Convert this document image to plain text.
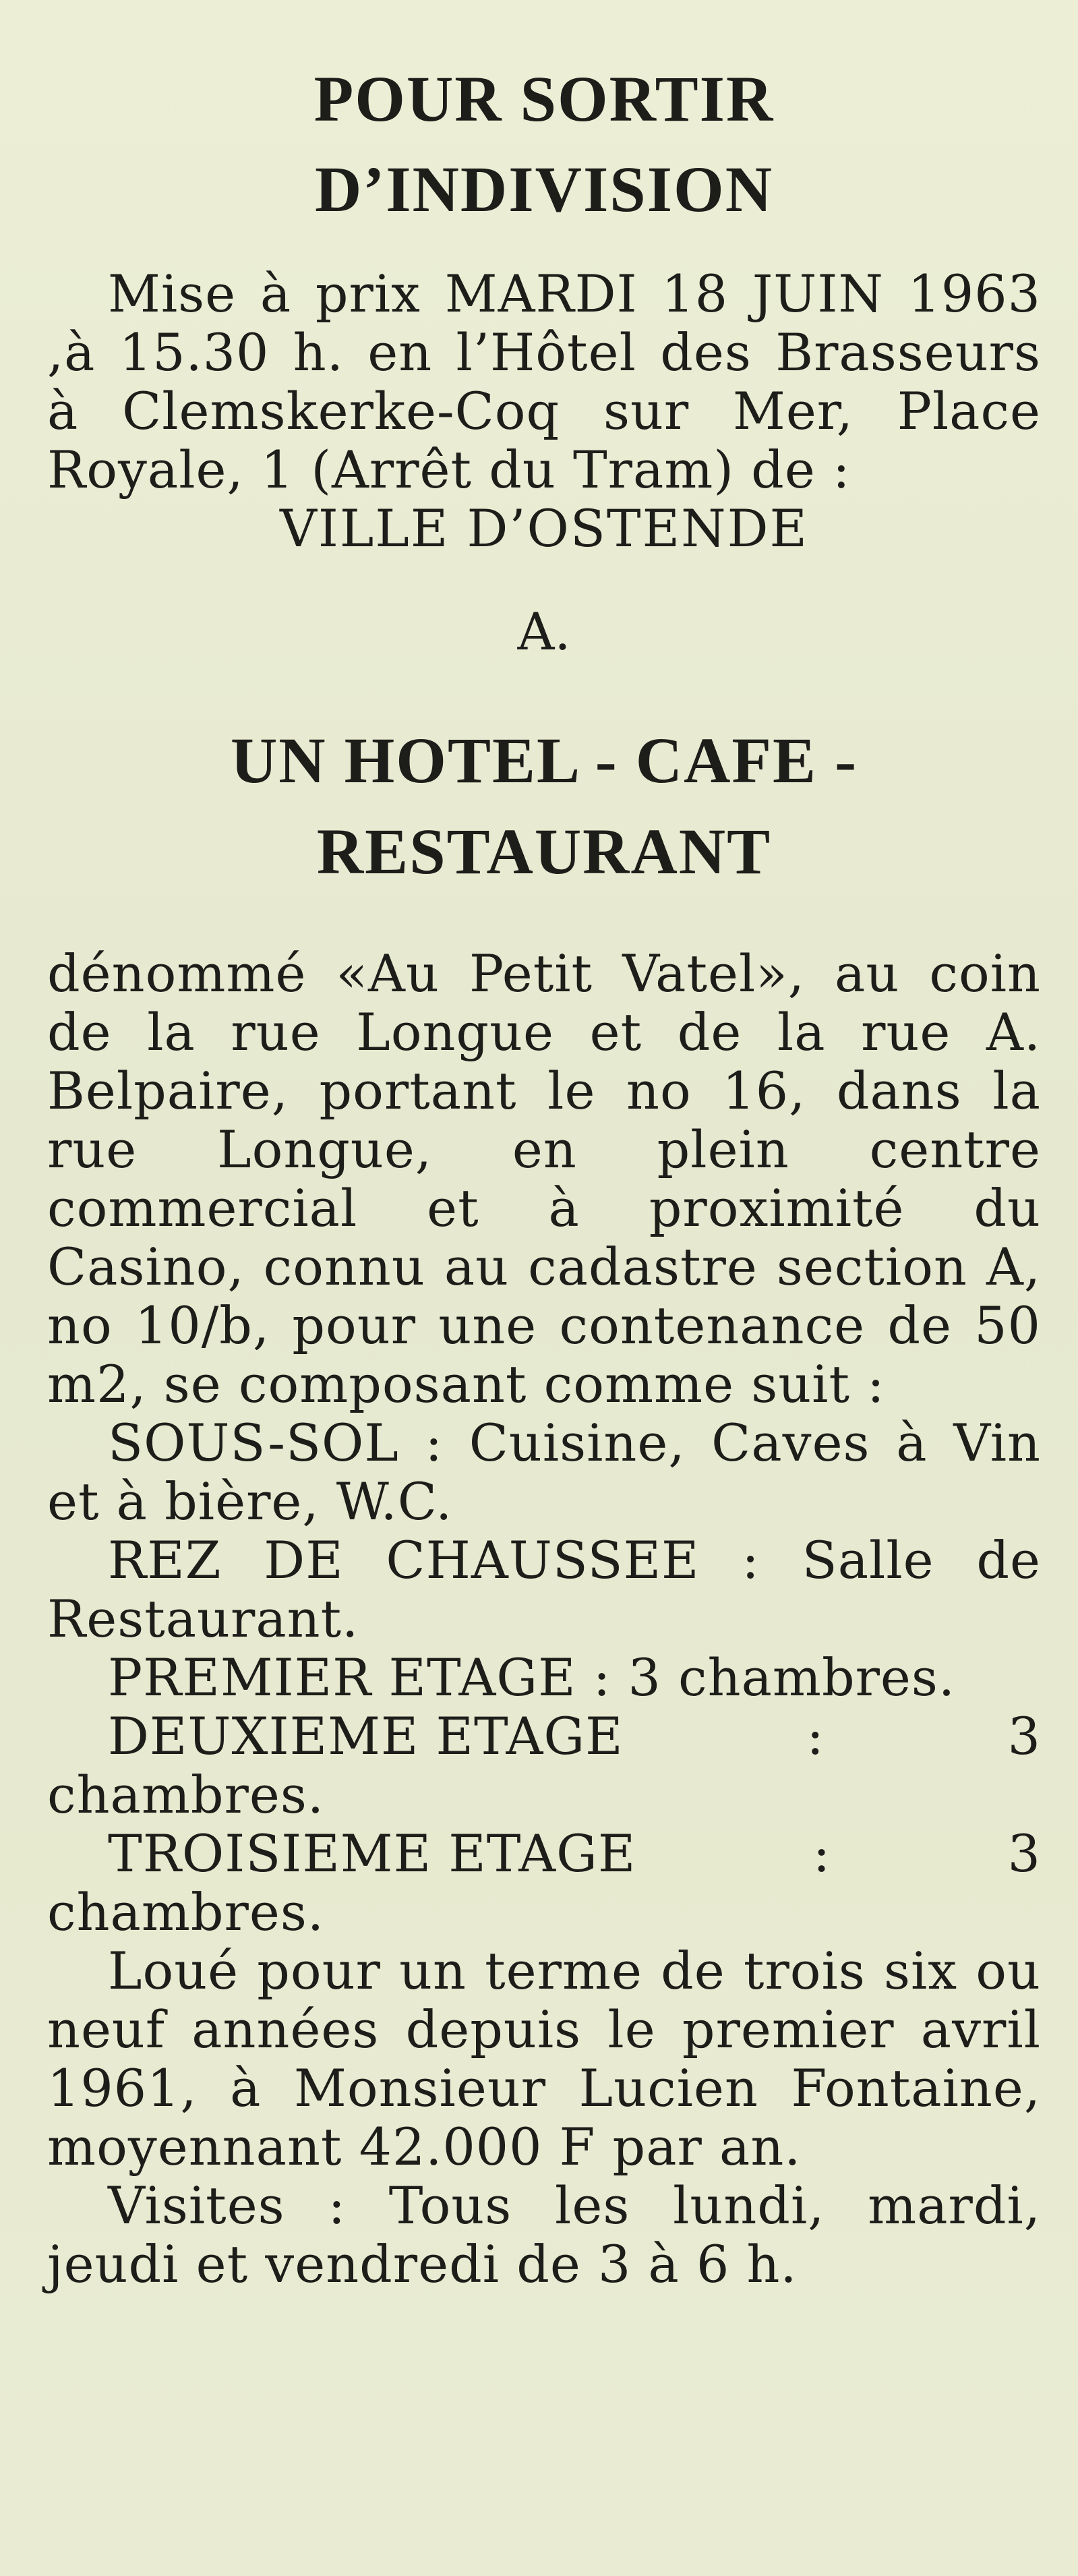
POUR SORTIR
D’INDIVISION

Mise à prix MARDI 18 JUIN 1963 ,à 15.30 h. en l’Hôtel des Brasseurs à Clemskerke-Coq sur Mer, Place Royale, 1 (Arrêt du Tram) de :

VILLE D’OSTENDE
A.
UN HOTEL - CAFE -
RESTAURANT

dénommé «Au Petit Vatel», au coin de la rue Longue et de la rue A. Belpaire, portant le no 16, dans la rue Longue, en plein centre commercial et à proximité du Casino, connu au cadastre section A, no 10/b, pour une contenance de 50 m2, se composant comme suit :

SOUS-SOL : Cuisine, Caves à Vin et à bière, W.C.

REZ DE CHAUSSEE : Salle de Restaurant.

PREMIER ETAGE : 3 chambres.

DEUXIEME ETAGE	:	3
chambres.
TROISIEME ETAGE	:	3
chambres.

Loué pour un terme de trois six ou neuf années depuis le premier avril 1961, à Monsieur Lucien Fontaine, moyennant 42.000 F par an.

Visites : Tous les lundi, mardi, jeudi et vendredi de 3 à 6 h.
